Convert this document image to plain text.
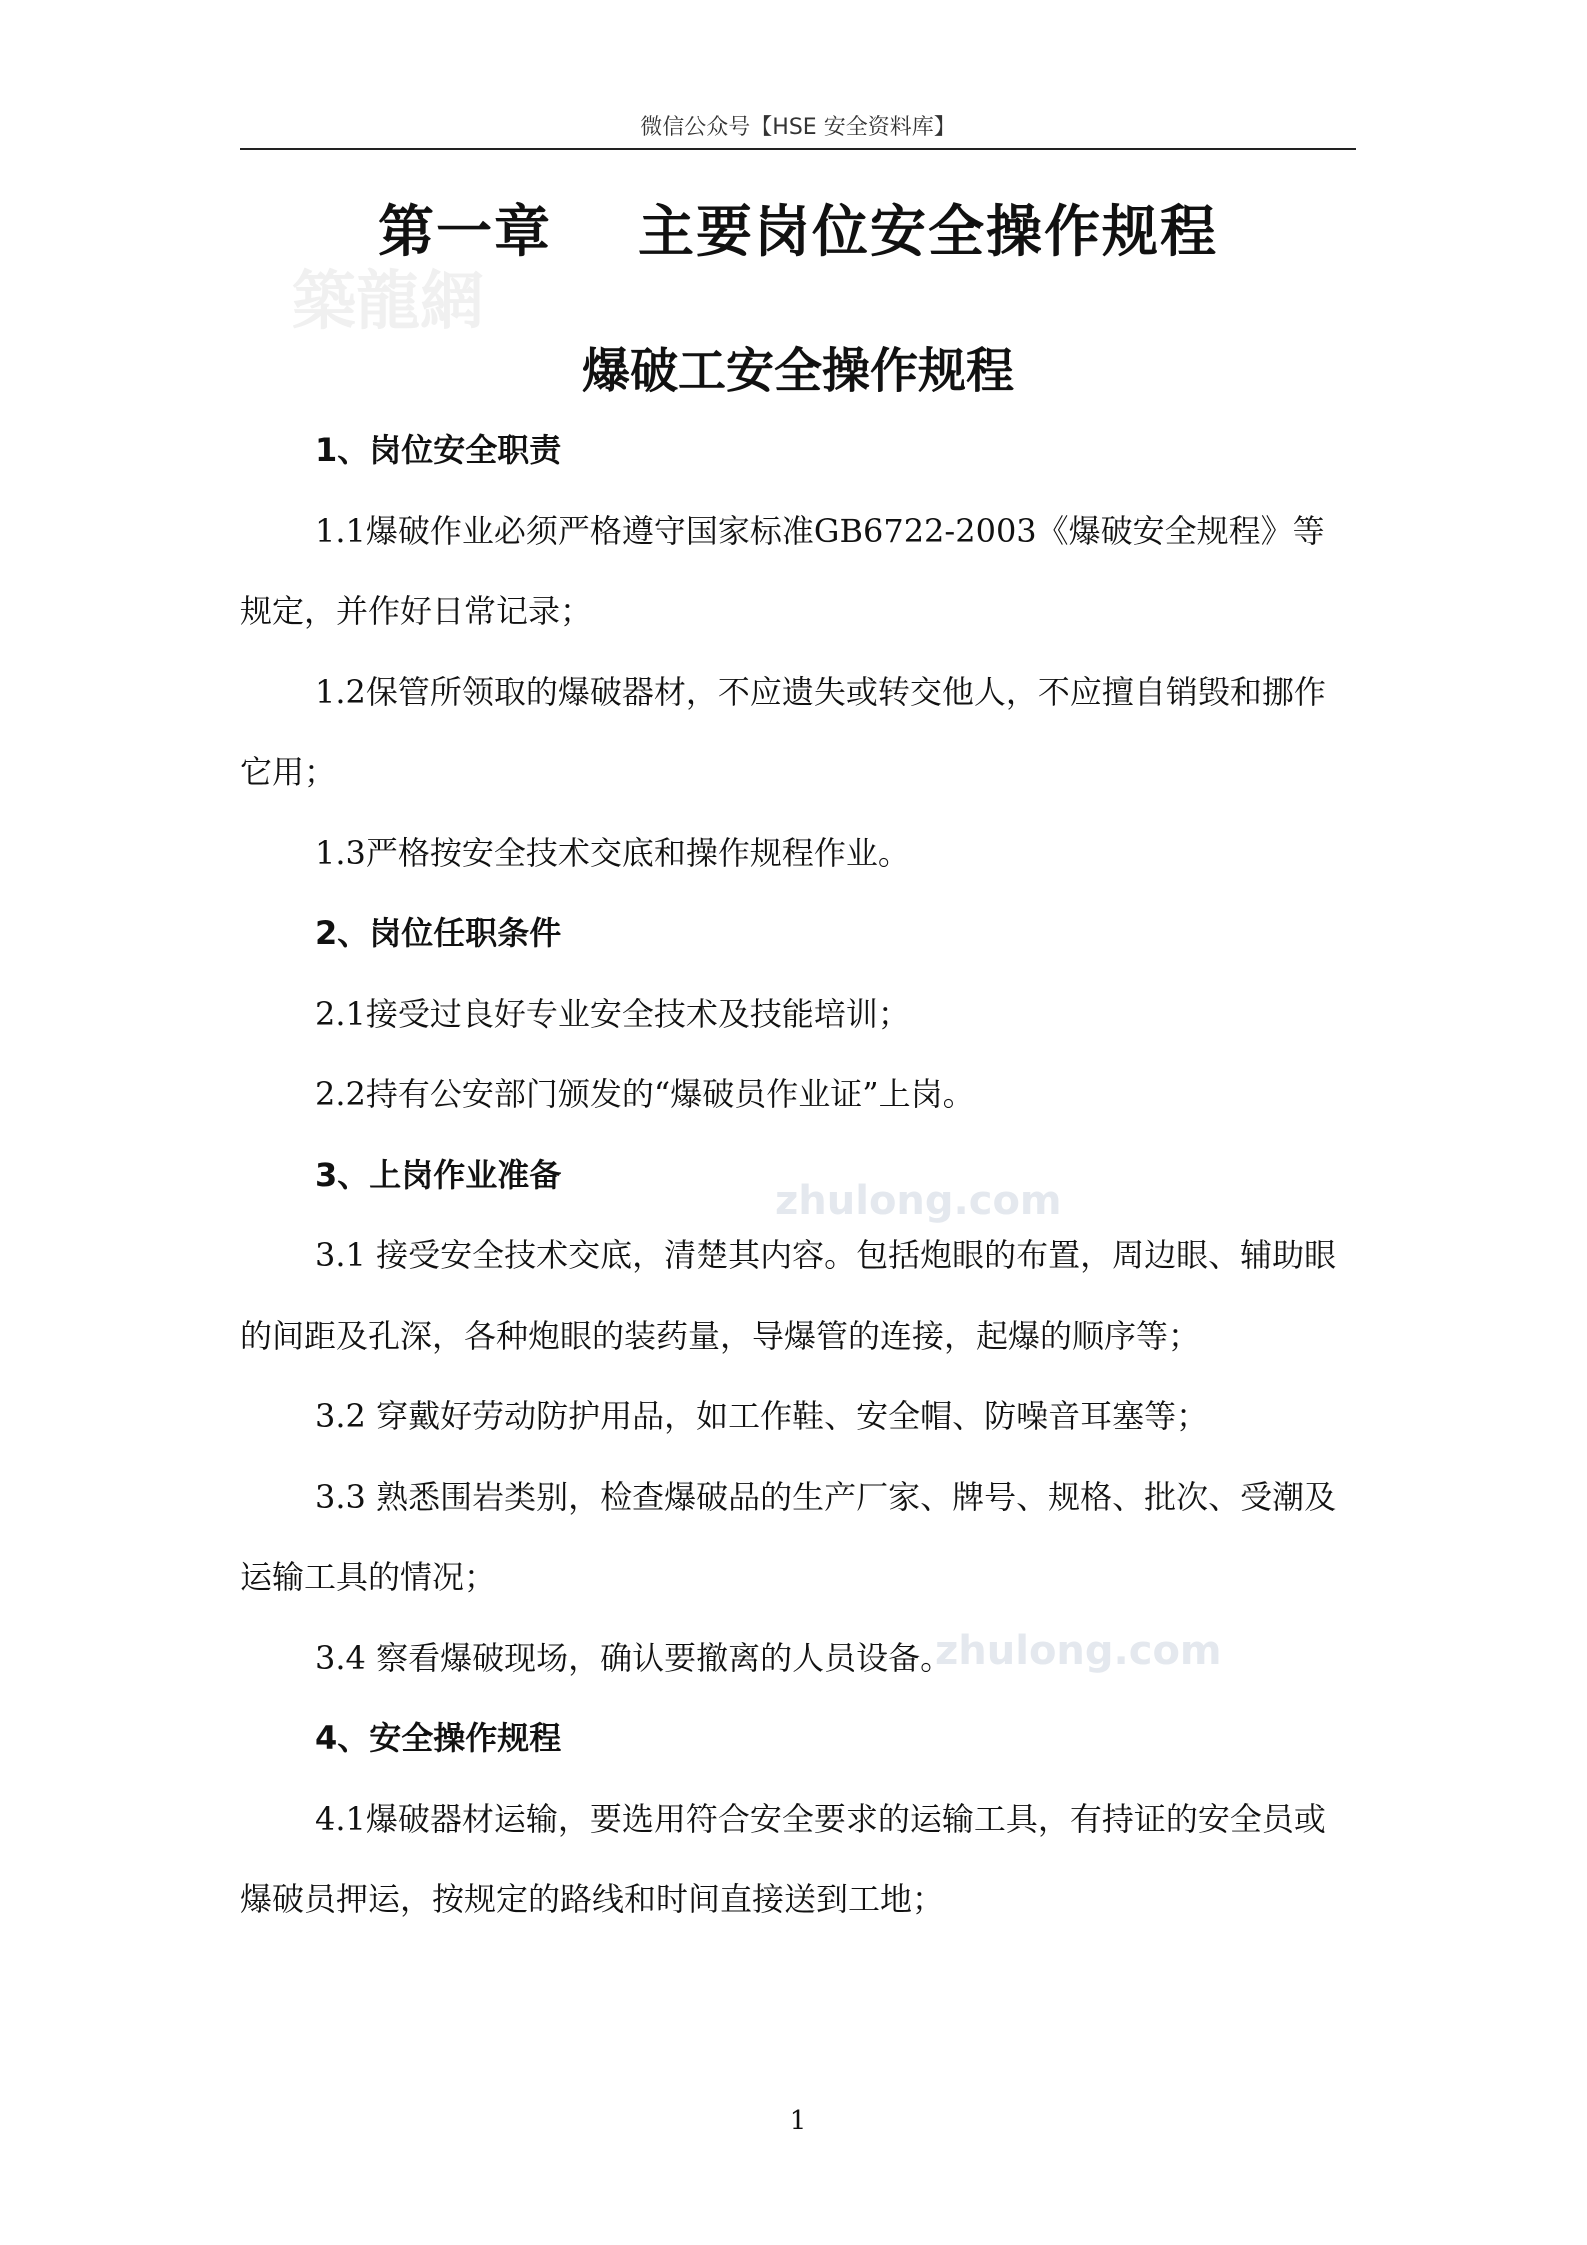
微信公众号【HSE 安全资料库】
築龍網
zhulong.com
zhulong.com
第一章    主要岗位安全操作规程
爆破工安全操作规程

1、岗位安全职责

1.1爆破作业必须严格遵守国家标准GB6722-2003《爆破安全规程》等规定，并作好日常记录；

1.2保管所领取的爆破器材，不应遗失或转交他人，不应擅自销毁和挪作它用；

1.3严格按安全技术交底和操作规程作业。

2、岗位任职条件

2.1接受过良好专业安全技术及技能培训；

2.2持有公安部门颁发的“爆破员作业证”上岗。

3、上岗作业准备

3.1 接受安全技术交底，清楚其内容。包括炮眼的布置，周边眼、辅助眼的间距及孔深，各种炮眼的装药量，导爆管的连接，起爆的顺序等；

3.2 穿戴好劳动防护用品，如工作鞋、安全帽、防噪音耳塞等；

3.3 熟悉围岩类别，检查爆破品的生产厂家、牌号、规格、批次、受潮及运输工具的情况；

3.4 察看爆破现场，确认要撤离的人员设备。

4、安全操作规程

4.1爆破器材运输，要选用符合安全要求的运输工具，有持证的安全员或爆破员押运，按规定的路线和时间直接送到工地；

1
